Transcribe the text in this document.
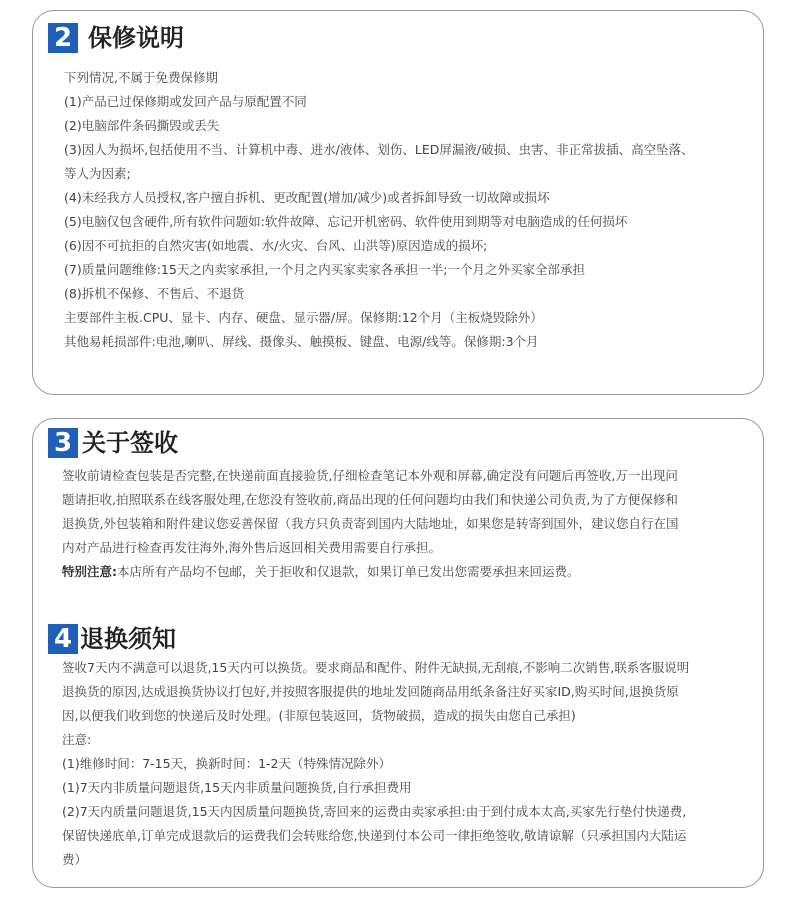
2 保修说明
下列情况,不属于免费保修期
(1)产品已过保修期或发回产品与原配置不同
(2)电脑部件条码撕毁或丢失
(3)因人为损坏,包括使用不当、计算机中毒、进水/液体、划伤、LED屏漏液/破损、虫害、非正常拔插、高空坠落、
等人为因素;
(4)未经我方人员授权,客户擅自拆机、更改配置(增加/减少)或者拆卸导致一切故障或损坏
(5)电脑仅包含硬件,所有软件问题如:软件故障、忘记开机密码、软件使用到期等对电脑造成的任何损坏
(6)因不可抗拒的自然灾害(如地震、水/火灾、台风、山洪等)原因造成的损坏;
(7)质量问题维修:15天之内卖家承担,一个月之内买家卖家各承担一半;一个月之外买家全部承担
(8)拆机不保修、不售后、不退货
主要部件主板.CPU、显卡、内存、硬盘、显示器/屏。保修期:12个月（主板烧毁除外）
其他易耗损部件:电池,喇叭、屏线、摄像头、触摸板、键盘、电源/线等。保修期:3个月
3 关于签收
签收前请检查包装是否完整,在快递前面直接验货,仔细检查笔记本外观和屏幕,确定没有问题后再签收,万一出现问
题请拒收,拍照联系在线客服处理,在您没有签收前,商品出现的任何问题均由我们和快递公司负责,为了方便保修和
退换货,外包装箱和附件建议您妥善保留（我方只负责寄到国内大陆地址，如果您是转寄到国外，建议您自行在国
内对产品进行检查再发往海外,海外售后返回相关费用需要自行承担。
特别注意:本店所有产品均不包邮，关于拒收和仅退款，如果订单已发出您需要承担来回运费。
4 退换须知
签收7天内不满意可以退货,15天内可以换货。要求商品和配件、附件无缺损,无刮痕,不影响二次销售,联系客服说明
退换货的原因,达成退换货协议打包好,并按照客服提供的地址发回随商品用纸条备注好买家ID,购买时间,退换货原
因,以便我们收到您的快递后及时处理。(非原包装返回，货物破损，造成的损失由您自己承担)
注意:
(1)维修时间：7-15天，换新时间：1-2天（特殊情况除外）
(1)7天内非质量问题退货,15天内非质量问题换货,自行承担费用
(2)7天内质量问题退货,15天内因质量问题换货,寄回来的运费由卖家承担:由于到付成本太高,买家先行垫付快递费,
保留快递底单,订单完成退款后的运费我们会转账给您,快递到付本公司一律拒绝签收,敬请谅解（只承担国内大陆运
费）
